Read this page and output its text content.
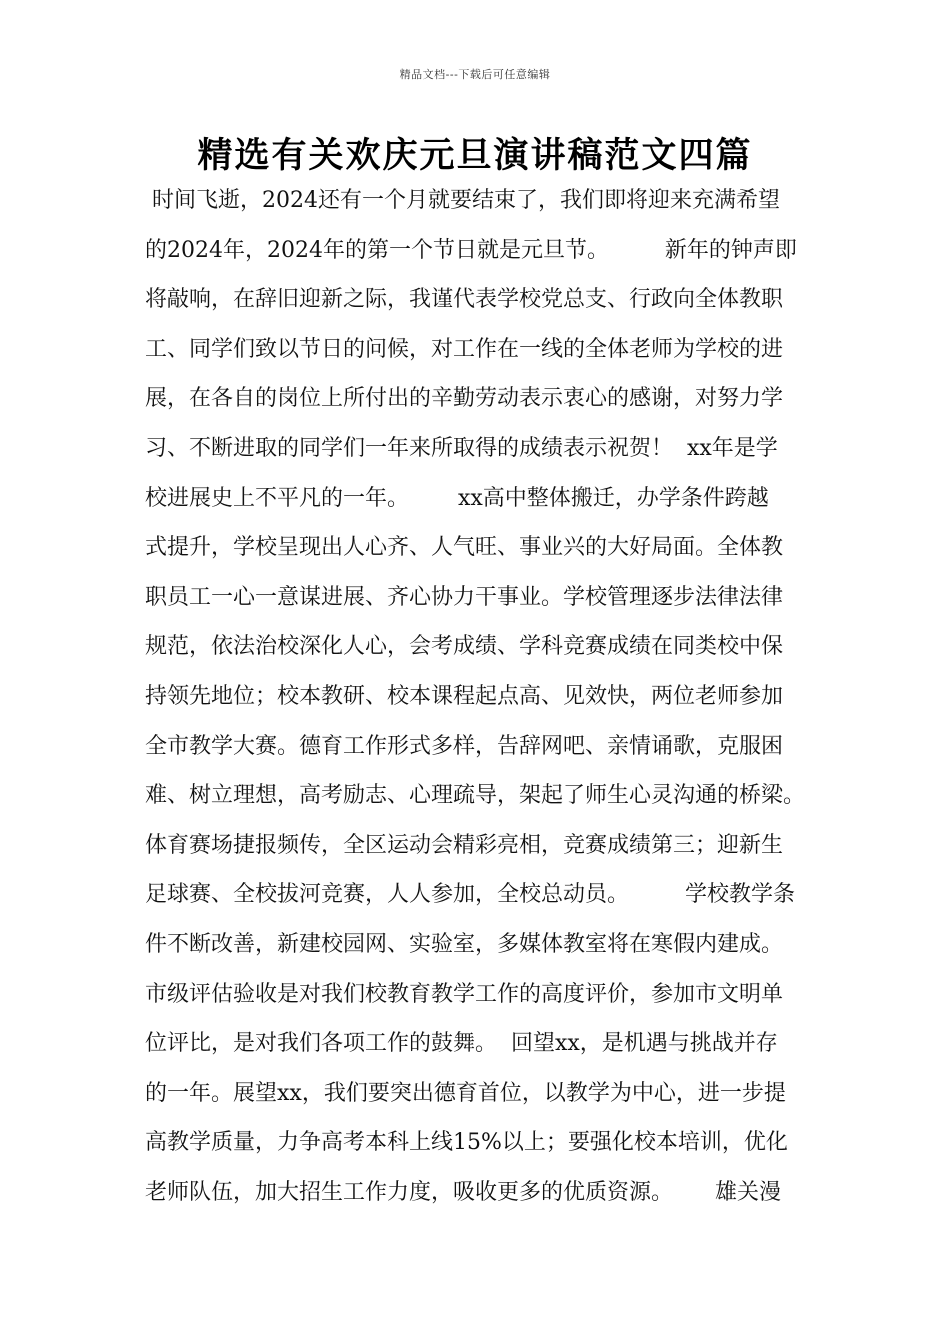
精品文档---下载后可任意编辑
精选有关欢庆元旦演讲稿范文四篇
时间飞逝，2024还有一个月就要结束了，我们即将迎来充满希望
的2024年，2024年的第一个节日就是元旦节。        新年的钟声即
将敲响，在辞旧迎新之际，我谨代表学校党总支、行政向全体教职
工、同学们致以节日的问候，对工作在一线的全体老师为学校的进
展，在各自的岗位上所付出的辛勤劳动表示衷心的感谢，对努力学
习、不断进取的同学们一年来所取得的成绩表示祝贺！  xx年是学
校进展史上不平凡的一年。       xx高中整体搬迁，办学条件跨越
式提升，学校呈现出人心齐、人气旺、事业兴的大好局面。全体教
职员工一心一意谋进展、齐心协力干事业。学校管理逐步法律法律
规范，依法治校深化人心，会考成绩、学科竞赛成绩在同类校中保
持领先地位；校本教研、校本课程起点高、见效快，两位老师参加
全市教学大赛。德育工作形式多样，告辞网吧、亲情诵歌，克服困
难、树立理想，高考励志、心理疏导，架起了师生心灵沟通的桥梁。
体育赛场捷报频传，全区运动会精彩亮相，竞赛成绩第三；迎新生
足球赛、全校拔河竞赛，人人参加，全校总动员。        学校教学条
件不断改善，新建校园网、实验室，多媒体教室将在寒假内建成。
市级评估验收是对我们校教育教学工作的高度评价，参加市文明单
位评比，是对我们各项工作的鼓舞。  回望xx，是机遇与挑战并存
的一年。展望xx，我们要突出德育首位，以教学为中心，进一步提
高教学质量，力争高考本科上线15%以上；要强化校本培训，优化
老师队伍，加大招生工作力度，吸收更多的优质资源。      雄关漫
